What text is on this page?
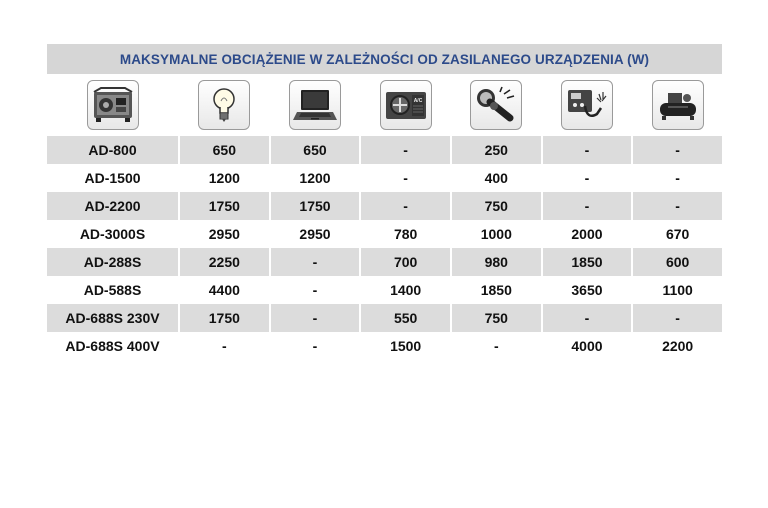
MAKSYMALNE OBCIĄŻENIE W ZALEŻNOŚCI OD ZASILANEGO URZĄDZENIA (W)

A/C

AD-800	650	650	-	250	-	-
AD-1500	1200	1200	-	400	-	-
AD-2200	1750	1750	-	750	-	-
AD-3000S	2950	2950	780	1000	2000	670
AD-288S	2250	-	700	980	1850	600
AD-588S	4400	-	1400	1850	3650	1100
AD-688S 230V	1750	-	550	750	-	-
AD-688S 400V	-	-	1500	-	4000	2200
